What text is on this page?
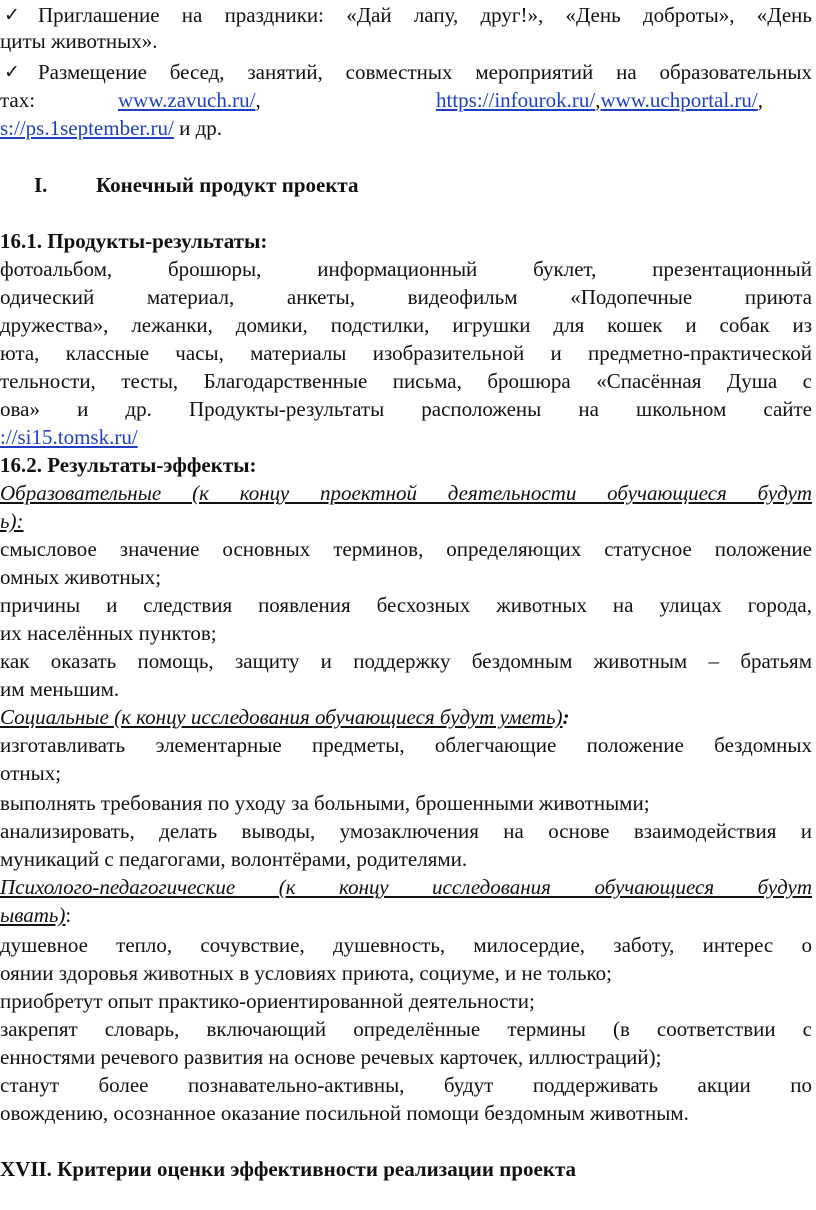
✓ Приглашение на праздники: «Дай лапу, друг!», «День доброты», «День
циты животных».
✓ Размещение бесед, занятий, совместных мероприятий на образовательных
тах:	www.zavuch.ru/,	https://infourok.ru/,www.uchportal.ru/,
s://ps.1september.ru/ и др.
I. Конечный продукт проекта
16.1. Продукты-результаты:
фотоальбом, брошюры, информационный буклет, презентационный
одический материал, анкеты, видеофильм «Подопечные приюта
дружества», лежанки, домики, подстилки, игрушки для кошек и собак из
юта, классные часы, материалы изобразительной и предметно-практической
тельности, тесты, Благодарственные письма, брошюра «Спасённая Душа с
ова» и др. Продукты-результаты расположены на школьном сайте
://si15.tomsk.ru/
16.2. Результаты-эффекты:
Образовательные (к концу проектной деятельности обучающиеся будут
ь):
смысловое значение основных терминов, определяющих статусное положение
омных животных;
причины и следствия появления бесхозных животных на улицах города,
их населённых пунктов;
как оказать помощь, защиту и поддержку бездомным животным – братьям
им меньшим.
Социальные (к концу исследования обучающиеся будут уметь):
изготавливать элементарные предметы, облегчающие положение бездомных
отных;
выполнять требования по уходу за больными, брошенными животными;
анализировать, делать выводы, умозаключения на основе взаимодействия и
муникаций с педагогами, волонтёрами, родителями.
Психолого-педагогические (к концу исследования обучающиеся будут
ывать):
душевное тепло, сочувствие, душевность, милосердие, заботу, интерес о
оянии здоровья животных в условиях приюта, социуме, и не только;
приобретут опыт практико-ориентированной деятельности;
закрепят словарь, включающий определённые термины (в соответствии с
енностями речевого развития на основе речевых карточек, иллюстраций);
станут более познавательно-активны, будут поддерживать акции по
овождению, осознанное оказание посильной помощи бездомным животным.
XVII. Критерии оценки эффективности реализации проекта
